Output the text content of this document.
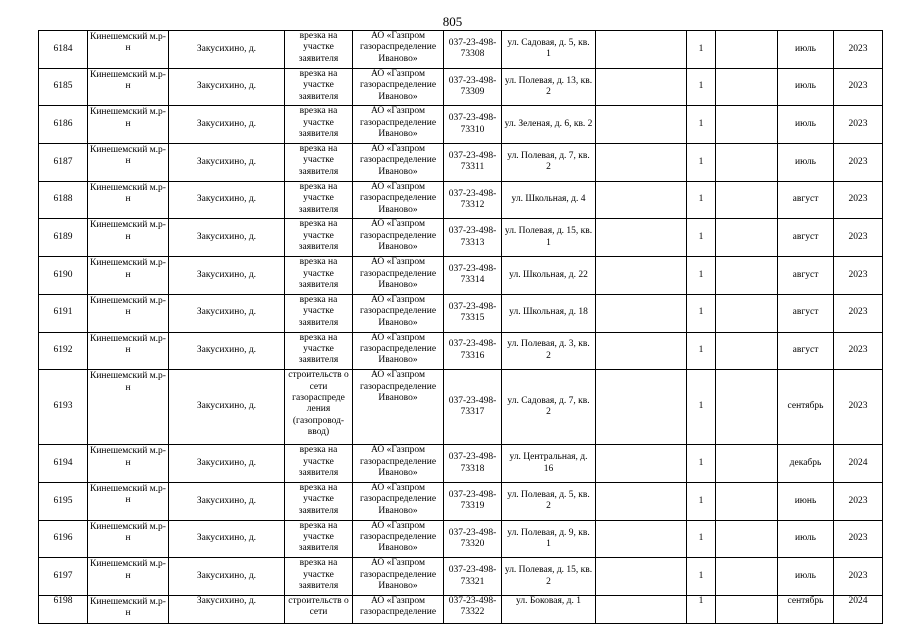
805
6184	Кинешемский м.р-н	Закусихино, д.	врезка на участке заявителя	АО «Газпром газораспределение Иваново»	037-23-498-73308	ул. Садовая, д. 5, кв. 1		1		июль	2023
6185	Кинешемский м.р-н	Закусихино, д.	врезка на участке заявителя	АО «Газпром газораспределение Иваново»	037-23-498-73309	ул. Полевая, д. 13, кв. 2		1		июль	2023
6186	Кинешемский м.р-н	Закусихино, д.	врезка на участке заявителя	АО «Газпром газораспределение Иваново»	037-23-498-73310	ул. Зеленая, д. 6, кв. 2		1		июль	2023
6187	Кинешемский м.р-н	Закусихино, д.	врезка на участке заявителя	АО «Газпром газораспределение Иваново»	037-23-498-73311	ул. Полевая, д. 7, кв. 2		1		июль	2023
6188	Кинешемский м.р-н	Закусихино, д.	врезка на участке заявителя	АО «Газпром газораспределение Иваново»	037-23-498-73312	ул. Школьная, д. 4		1		август	2023
6189	Кинешемский м.р-н	Закусихино, д.	врезка на участке заявителя	АО «Газпром газораспределение Иваново»	037-23-498-73313	ул. Полевая, д. 15, кв. 1		1		август	2023
6190	Кинешемский м.р-н	Закусихино, д.	врезка на участке заявителя	АО «Газпром газораспределение Иваново»	037-23-498-73314	ул. Школьная, д. 22		1		август	2023
6191	Кинешемский м.р-н	Закусихино, д.	врезка на участке заявителя	АО «Газпром газораспределение Иваново»	037-23-498-73315	ул. Школьная, д. 18		1		август	2023
6192	Кинешемский м.р-н	Закусихино, д.	врезка на участке заявителя	АО «Газпром газораспределение Иваново»	037-23-498-73316	ул. Полевая, д. 3, кв. 2		1		август	2023
6193	Кинешемский м.р-н	Закусихино, д.	строительств о сети газораспреде ления (газопровод-ввод)	АО «Газпром газораспределение Иваново»	037-23-498-73317	ул. Садовая, д. 7, кв. 2		1		сентябрь	2023
6194	Кинешемский м.р-н	Закусихино, д.	врезка на участке заявителя	АО «Газпром газораспределение Иваново»	037-23-498-73318	ул. Центральная, д. 16		1		декабрь	2024
6195	Кинешемский м.р-н	Закусихино, д.	врезка на участке заявителя	АО «Газпром газораспределение Иваново»	037-23-498-73319	ул. Полевая, д. 5, кв. 2		1		июнь	2023
6196	Кинешемский м.р-н	Закусихино, д.	врезка на участке заявителя	АО «Газпром газораспределение Иваново»	037-23-498-73320	ул. Полевая, д. 9, кв. 1		1		июль	2023
6197	Кинешемский м.р-н	Закусихино, д.	врезка на участке заявителя	АО «Газпром газораспределение Иваново»	037-23-498-73321	ул. Полевая, д. 15, кв. 2		1		июль	2023
6198	Кинешемский м.р-н	Закусихино, д.	строительств о сети	АО «Газпром газораспределение	037-23-498-73322	ул. Боковая, д. 1		1		сентябрь	2024
